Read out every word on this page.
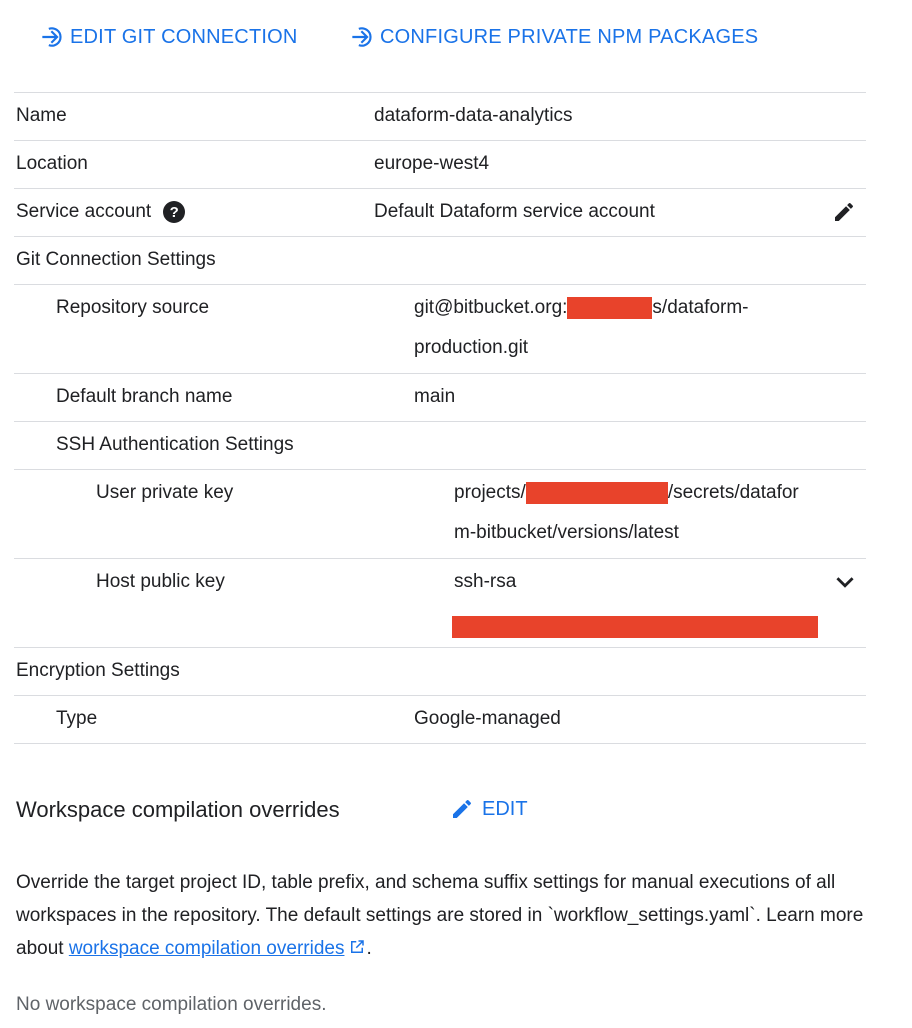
EDIT GIT CONNECTION	CONFIGURE PRIVATE NPM PACKAGES
Name	dataform-data-analytics
Location	europe-west4
Service account	?	Default Dataform service account
Git Connection Settings
Repository source	git@bitbucket.org:	s/dataform-
production.git
Default branch name	main
SSH Authentication Settings
User private key	projects/	/secrets/datafor
m-bitbucket/versions/latest
Host public key	ssh-rsa
Encryption Settings
Type	Google-managed
Workspace compilation overrides	EDIT
Override the target project ID, table prefix, and schema suffix settings for manual executions of all workspaces in the repository. The default settings are stored in `workflow_settings.yaml`. Learn more about workspace compilation overrides .
No workspace compilation overrides.
